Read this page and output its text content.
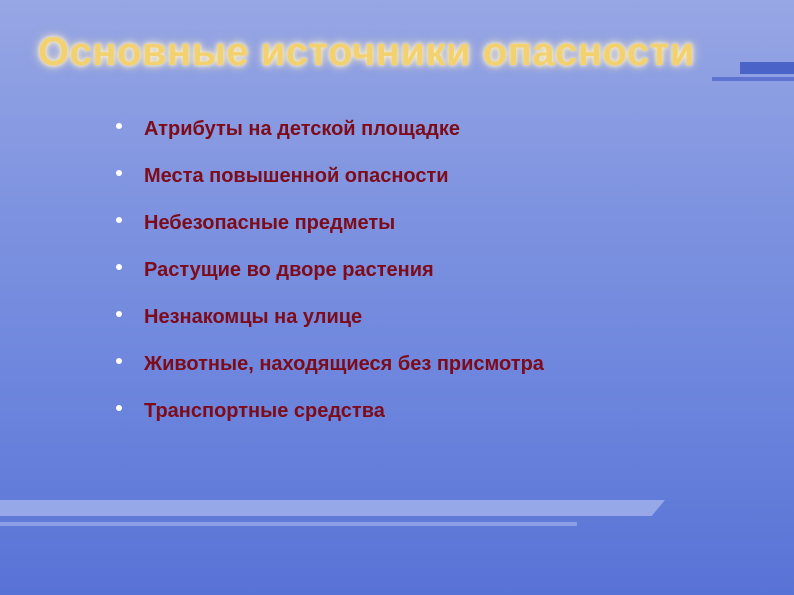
Основные источники опасности
Атрибуты на детской площадке
Места повышенной опасности
Небезопасные предметы
Растущие во дворе растения
Незнакомцы на улице
Животные, находящиеся без присмотра
Транспортные средства
